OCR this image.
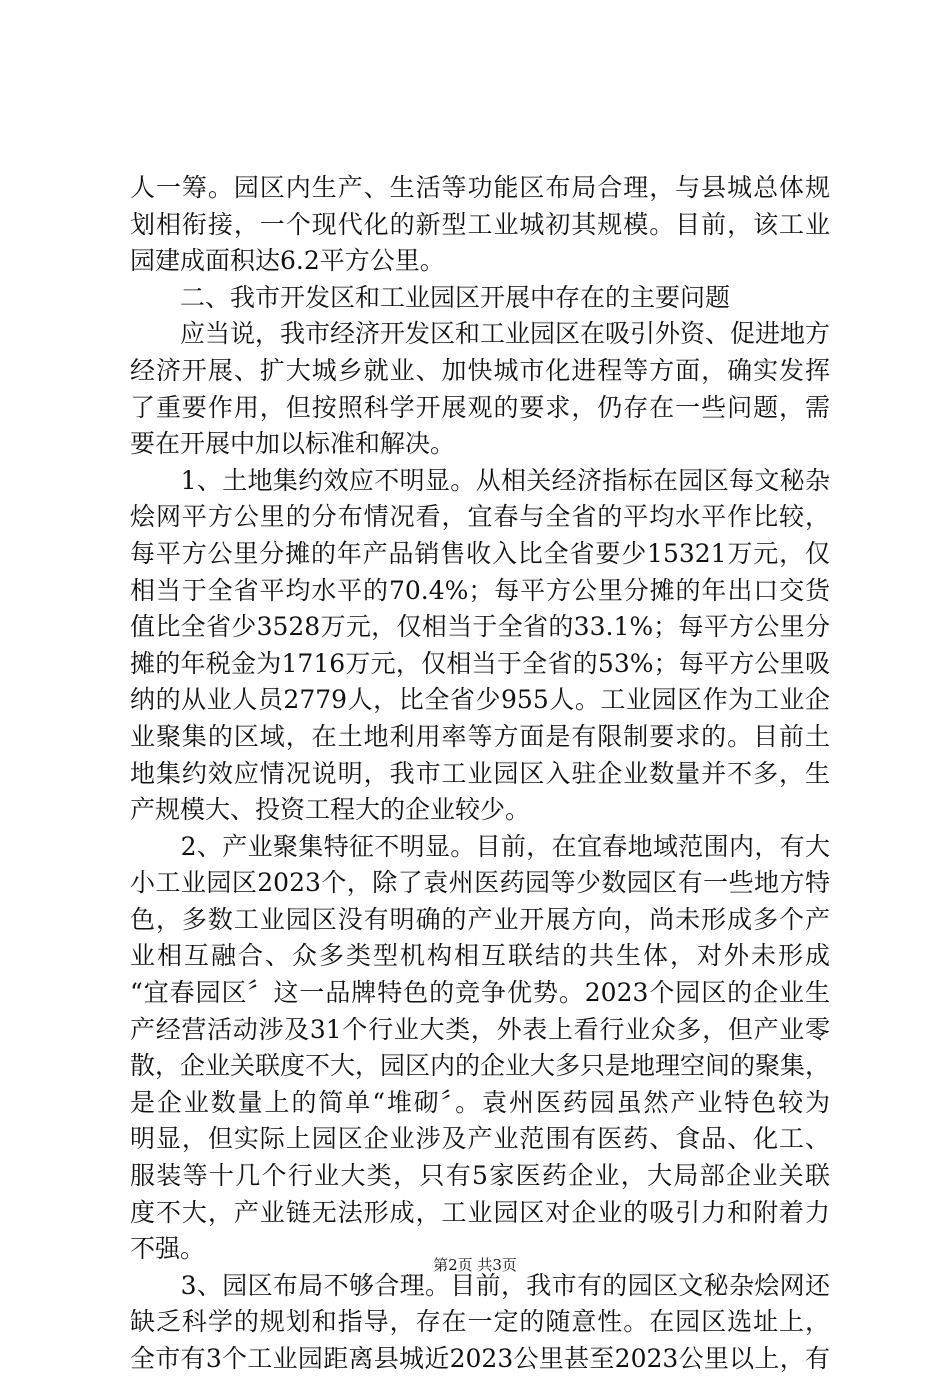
人一筹。园区内生产、生活等功能区布局合理，与县城总体规
划相衔接，一个现代化的新型工业城初其规模。目前，该工业
园建成面积达6.2平方公里。
　　二、我市开发区和工业园区开展中存在的主要问题
　　应当说，我市经济开发区和工业园区在吸引外资、促进地方
经济开展、扩大城乡就业、加快城市化进程等方面，确实发挥
了重要作用，但按照科学开展观的要求，仍存在一些问题，需
要在开展中加以标准和解决。
　　1、土地集约效应不明显。从相关经济指标在园区每文秘杂
烩网平方公里的分布情况看，宜春与全省的平均水平作比较，
每平方公里分摊的年产品销售收入比全省要少15321万元，仅
相当于全省平均水平的70.4%；每平方公里分摊的年出口交货
值比全省少3528万元，仅相当于全省的33.1%；每平方公里分
摊的年税金为1716万元，仅相当于全省的53%；每平方公里吸
纳的从业人员2779人，比全省少955人。工业园区作为工业企
业聚集的区域，在土地利用率等方面是有限制要求的。目前土
地集约效应情况说明，我市工业园区入驻企业数量并不多，生
产规模大、投资工程大的企业较少。
　　2、产业聚集特征不明显。目前，在宜春地域范围内，有大
小工业园区2023个，除了袁州医药园等少数园区有一些地方特
色，多数工业园区没有明确的产业开展方向，尚未形成多个产
业相互融合、众多类型机构相互联结的共生体，对外未形成
“宜春园区〞这一品牌特色的竞争优势。2023个园区的企业生
产经营活动涉及31个行业大类，外表上看行业众多，但产业零
散，企业关联度不大，园区内的企业大多只是地理空间的聚集，
是企业数量上的简单“堆砌〞。袁州医药园虽然产业特色较为
明显，但实际上园区企业涉及产业范围有医药、食品、化工、
服装等十几个行业大类，只有5家医药企业，大局部企业关联
度不大，产业链无法形成，工业园区对企业的吸引力和附着力
不强。
　　3、园区布局不够合理。目前，我市有的园区文秘杂烩网还
缺乏科学的规划和指导，存在一定的随意性。在园区选址上，
全市有3个工业园距离县城近2023公里甚至2023公里以上，有
第2页 共3页
